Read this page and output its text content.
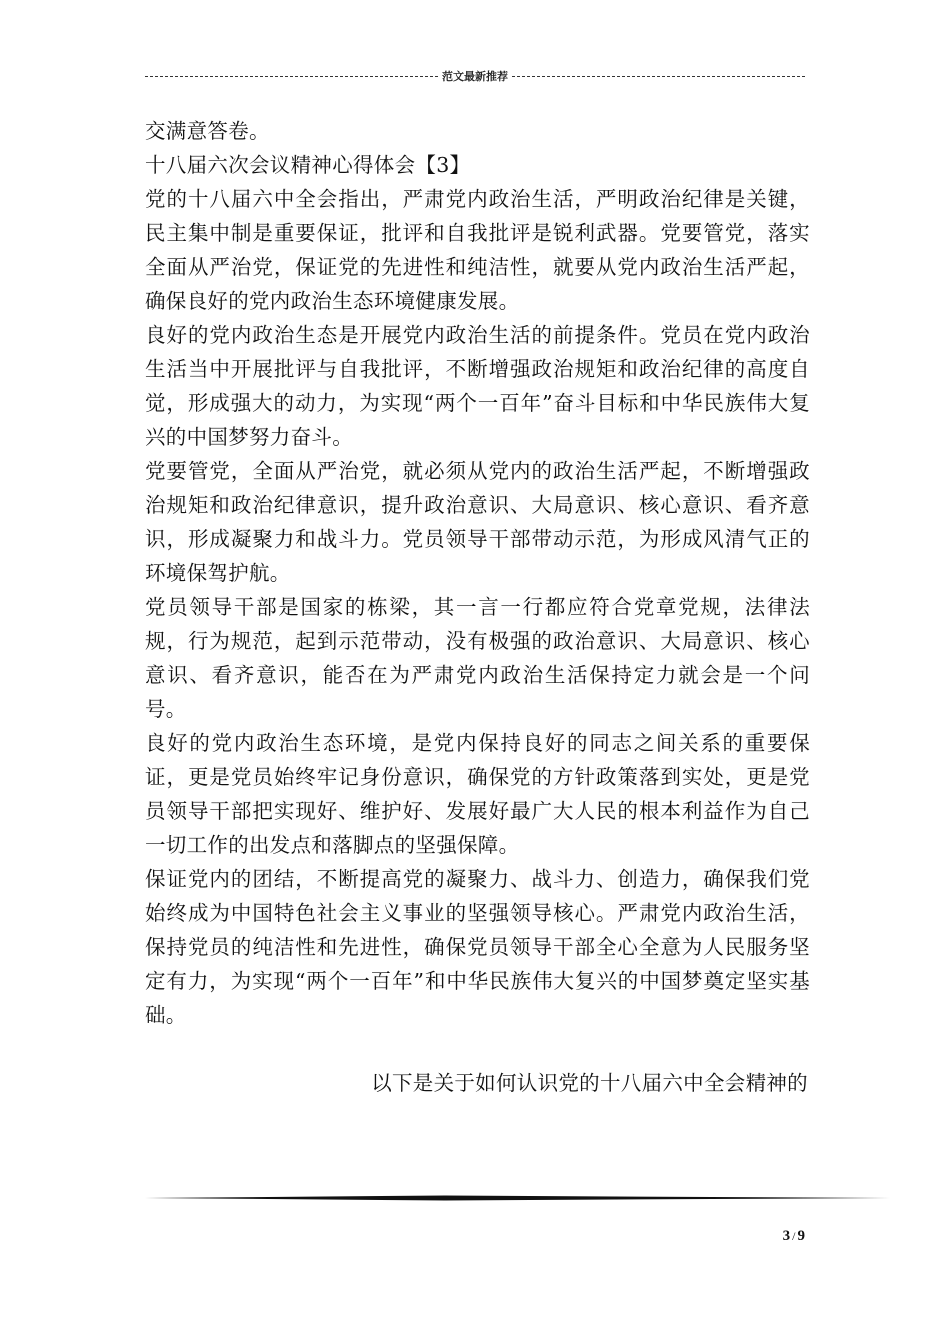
范文最新推荐

交满意答卷。

十八届六次会议精神心得体会【3】

党的十八届六中全会指出，严肃党内政治生活，严明政治纪律是关键，民主集中制是重要保证，批评和自我批评是锐利武器。党要管党，落实全面从严治党，保证党的先进性和纯洁性，就要从党内政治生活严起，确保良好的党内政治生态环境健康发展。

良好的党内政治生态是开展党内政治生活的前提条件。党员在党内政治生活当中开展批评与自我批评，不断增强政治规矩和政治纪律的高度自觉，形成强大的动力，为实现“两个一百年”奋斗目标和中华民族伟大复兴的中国梦努力奋斗。

党要管党，全面从严治党，就必须从党内的政治生活严起，不断增强政治规矩和政治纪律意识，提升政治意识、大局意识、核心意识、看齐意识，形成凝聚力和战斗力。党员领导干部带动示范，为形成风清气正的环境保驾护航。

党员领导干部是国家的栋梁，其一言一行都应符合党章党规，法律法规，行为规范，起到示范带动，没有极强的政治意识、大局意识、核心意识、看齐意识，能否在为严肃党内政治生活保持定力就会是一个问号。

良好的党内政治生态环境，是党内保持良好的同志之间关系的重要保证，更是党员始终牢记身份意识，确保党的方针政策落到实处，更是党员领导干部把实现好、维护好、发展好最广大人民的根本利益作为自己一切工作的出发点和落脚点的坚强保障。

保证党内的团结，不断提高党的凝聚力、战斗力、创造力，确保我们党始终成为中国特色社会主义事业的坚强领导核心。严肃党内政治生活，保持党员的纯洁性和先进性，确保党员领导干部全心全意为人民服务坚定有力，为实现“两个一百年”和中华民族伟大复兴的中国梦奠定坚实基础。

以下是关于如何认识党的十八届六中全会精神的

3 / 9
